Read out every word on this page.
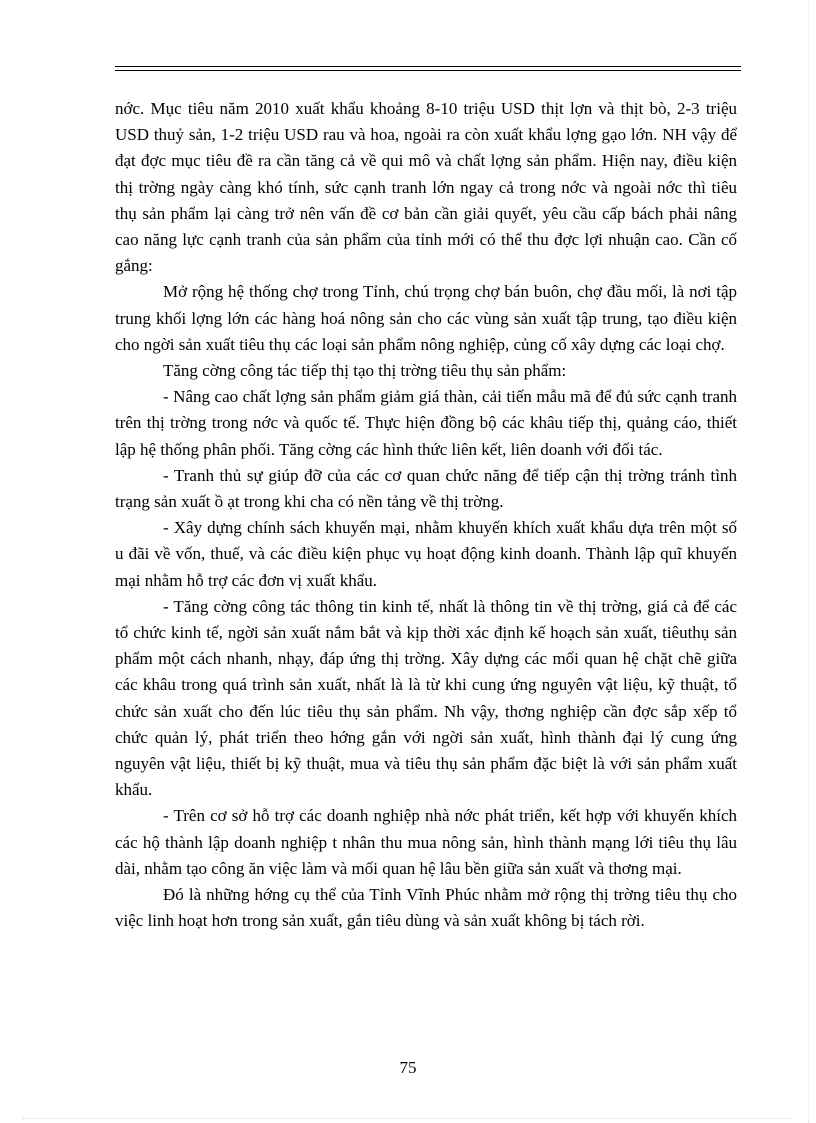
nớc. Mục tiêu năm 2010 xuất khẩu khoảng 8-10 triệu USD thịt lợn và thịt bò, 2-3 triệu USD thuỷ sản, 1-2 triệu USD rau và hoa, ngoài ra còn xuất khẩu lợng gạo lớn. NH vậy để đạt đợc mục tiêu đề ra cần tăng cả về qui mô và chất lợng sản phẩm. Hiện nay, điều kiện thị trờng ngày càng khó tính, sức cạnh tranh lớn ngay cả trong nớc và ngoài nớc thì tiêu thụ sản phẩm lại càng trở nên vấn đề cơ bản cần giải quyết, yêu cầu cấp bách phải nâng cao năng lực cạnh tranh của sản phẩm của tỉnh mới có thể thu đợc lợi nhuận cao. Cần cố gắng:

Mở rộng hệ thống chợ trong Tỉnh, chú trọng chợ bán buôn, chợ đầu mối, là nơi tập trung khối lợng lớn các hàng hoá nông sản cho các vùng sản xuất tập trung, tạo điều kiện cho ngời sản xuất tiêu thụ các loại sản phẩm nông nghiệp, củng cố xây dựng các loại chợ.

Tăng cờng công tác tiếp thị tạo thị trờng tiêu thụ sản phẩm:

- Nâng cao chất lợng sản phẩm giảm giá thàn, cải tiến mẫu mã để đủ sức cạnh tranh trên thị trờng trong nớc và quốc tế. Thực hiện đồng bộ các khâu tiếp thị, quảng cáo, thiết lập hệ thống phân phối. Tăng cờng các hình thức liên kết, liên doanh với đối tác.

- Tranh thủ sự giúp đỡ của các cơ quan chức năng để tiếp cận thị trờng tránh tình trạng sản xuất ồ ạt trong khi cha có nền tảng về thị trờng.

- Xây dựng chính sách khuyến mại, nhằm khuyến khích xuất khẩu dựa trên một số u đãi về vốn, thuế, và các điều kiện phục vụ hoạt động kinh doanh. Thành lập quĩ khuyến mại nhằm hỗ trợ các đơn vị xuất khẩu.

- Tăng cờng công tác thông tin kinh tế, nhất là thông tin về thị trờng, giá cả để các tổ chức kinh tế, ngời sản xuất nắm bắt và kịp thời xác định kế hoạch sản xuất, tiêuthụ sản phẩm một cách nhanh, nhạy, đáp ứng thị trờng. Xây dựng các mối quan hệ chặt chẽ giữa các khâu trong quá trình sản xuất, nhất là là từ khi cung ứng nguyên vật liệu, kỹ thuật, tổ chức sản xuất cho đến lúc tiêu thụ sản phẩm. Nh vậy, thơng nghiệp cần đợc sắp xếp tổ chức quản lý, phát triển theo hớng gắn với ngời sản xuất, hình thành đại lý cung ứng nguyên vật liệu, thiết bị kỹ thuật, mua và tiêu thụ sản phẩm đặc biệt là với sản phẩm xuất khẩu.

- Trên cơ sở hỗ trợ các doanh nghiệp nhà nớc phát triển, kết hợp với khuyến khích các hộ thành lập doanh nghiệp t nhân thu mua nông sản, hình thành mạng lới tiêu thụ lâu dài, nhằm tạo công ăn việc làm và mối quan hệ lâu bền giữa sản xuất và thơng mại.

Đó là những hớng cụ thể của Tỉnh Vĩnh Phúc nhằm mở rộng thị trờng tiêu thụ cho việc linh hoạt hơn trong sản xuất, gắn tiêu dùng và sản xuất không bị tách rời.

75
